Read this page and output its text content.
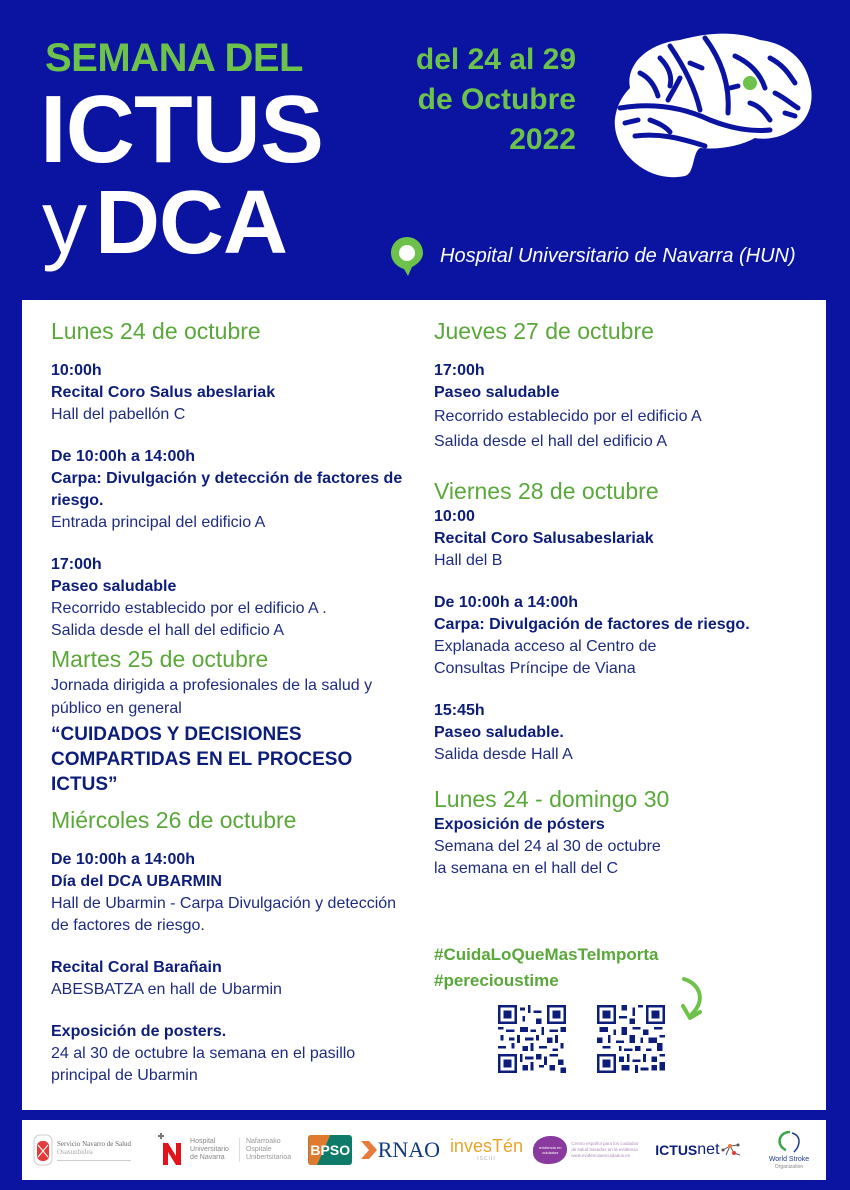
SEMANA DEL
ICTUS
yDCA
del 24 al 29
de Octubre
2022
Hospital Universitario de Navarra (HUN)
Lunes 24 de octubre
10:00h
Recital Coro Salus abeslariak
Hall del pabellón C
De 10:00h a 14:00h
Carpa: Divulgación y detección de factores de riesgo.
Entrada principal del edificio A
17:00h
Paseo saludable
Recorrido establecido por el edificio A .
Salida desde el hall del edificio A
Martes 25 de octubre
Jornada dirigida a profesionales de la salud y público en general
“CUIDADOS Y DECISIONES COMPARTIDAS EN EL PROCESO ICTUS”
Miércoles 26 de octubre
De 10:00h a 14:00h
Día del DCA UBARMIN
Hall de Ubarmin - Carpa Divulgación y detección de factores de riesgo.
Recital Coral Barañain
ABESBATZA en hall de Ubarmin
Exposición de posters.
24 al 30 de octubre la semana en el pasillo principal de Ubarmin
Jueves 27 de octubre
17:00h
Paseo saludable
Recorrido establecido por el edificio A
Salida desde el hall del edificio A
Viernes 28 de octubre
10:00
Recital Coro Salusabeslariak
Hall del B
De 10:00h a 14:00h
Carpa: Divulgación de factores de riesgo.
Explanada acceso al Centro de
Consultas Príncipe de Viana
15:45h
Paseo saludable.
Salida desde Hall A
Lunes 24 - domingo 30
Exposición de pósters
Semana del 24 al 30 de octubre
la semana en el hall del C
#CuidaLoQueMasTeImporta
#perecioustime
Servicio Navarro de Salud
Osasunbidea
Hospital
Universitario
de Navarra
Nafarroako
Ospitale
Unibertsitarioa BPSO RNAO invesTén
ISCIII
evidencia en cuidados
Centro español para los cuidados
de salud basados en la evidencia
www.evidenciaencuidados.es	ICTUS net
World Stroke
Organization
